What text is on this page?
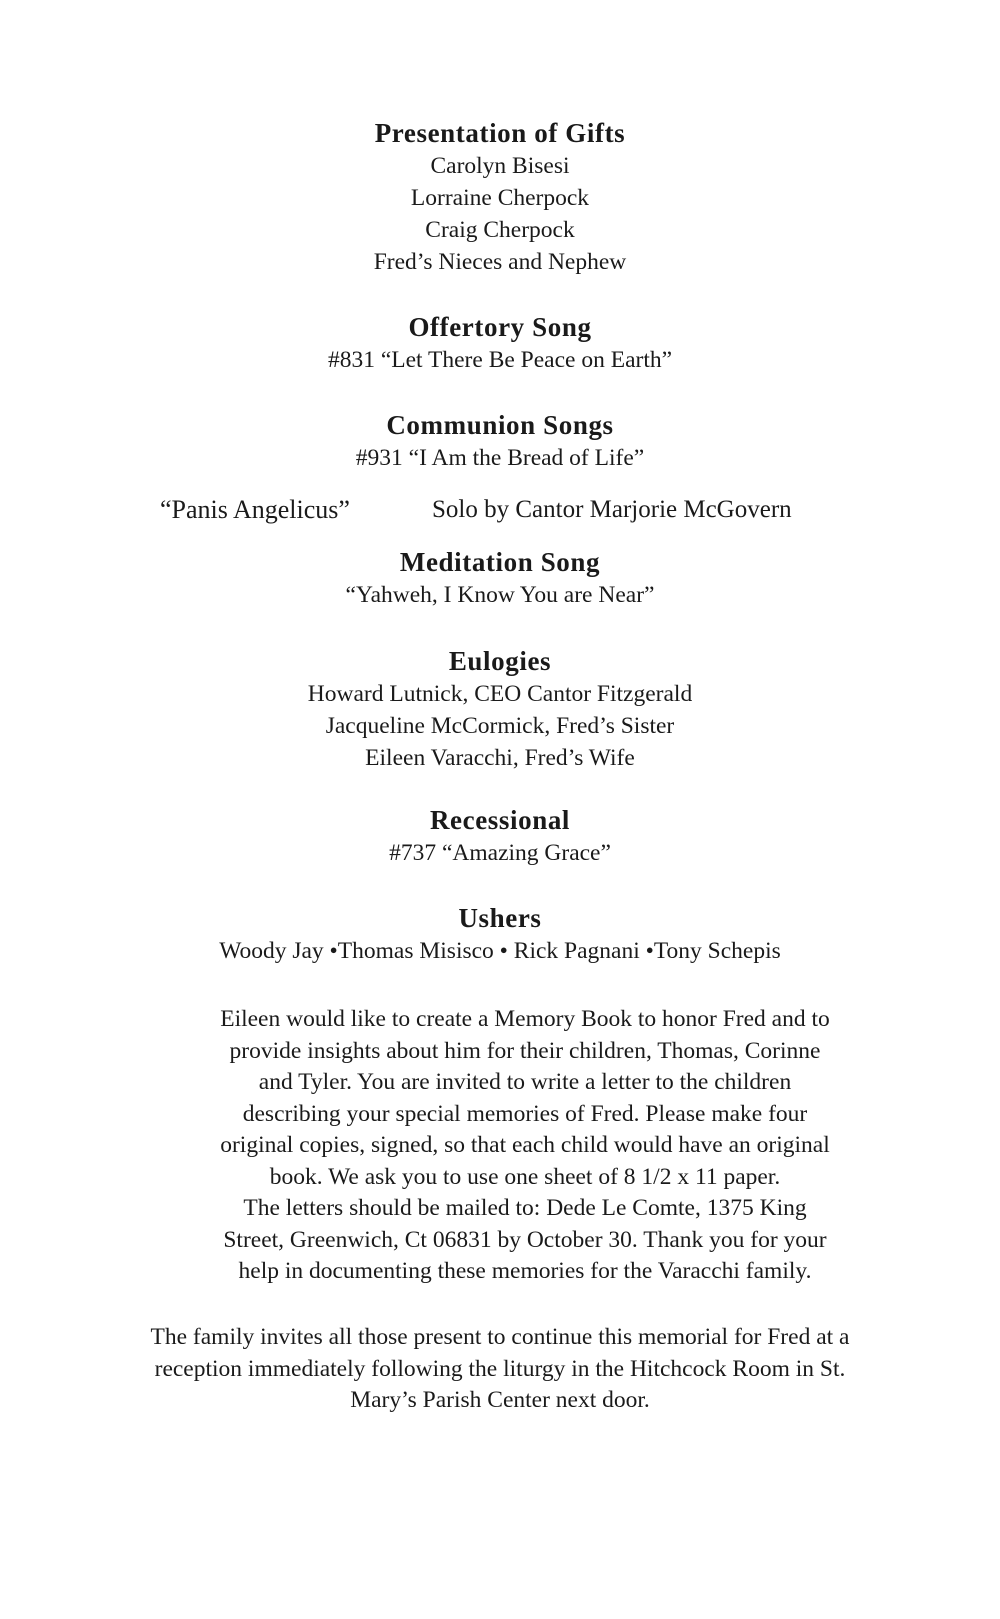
Presentation of Gifts

Carolyn Bisesi

Lorraine Cherpock

Craig Cherpock

Fred’s Nieces and Nephew

Offertory Song

#831 “Let There Be Peace on Earth”

Communion Songs

#931 “I Am the Bread of Life”

“Panis Angelicus”	Solo by Cantor Marjorie McGovern

Meditation Song

“Yahweh, I Know You are Near”

Eulogies

Howard Lutnick, CEO Cantor Fitzgerald

Jacqueline McCormick, Fred’s Sister

Eileen Varacchi, Fred’s Wife

Recessional

#737 “Amazing Grace”

Ushers

Woody Jay •Thomas Misisco • Rick Pagnani •Tony Schepis

Eileen would like to create a Memory Book to honor Fred and to
provide insights about him for their children, Thomas, Corinne
and Tyler. You are invited to write a letter to the children
describing your special memories of Fred. Please make four
original copies, signed, so that each child would have an original
book. We ask you to use one sheet of 8 1/2 x 11 paper.
The letters should be mailed to: Dede Le Comte, 1375 King
Street, Greenwich, Ct 06831 by October 30. Thank you for your
help in documenting these memories for the Varacchi family.
The family invites all those present to continue this memorial for Fred at a
reception immediately following the liturgy in the Hitchcock Room in St.
Mary’s Parish Center next door.
